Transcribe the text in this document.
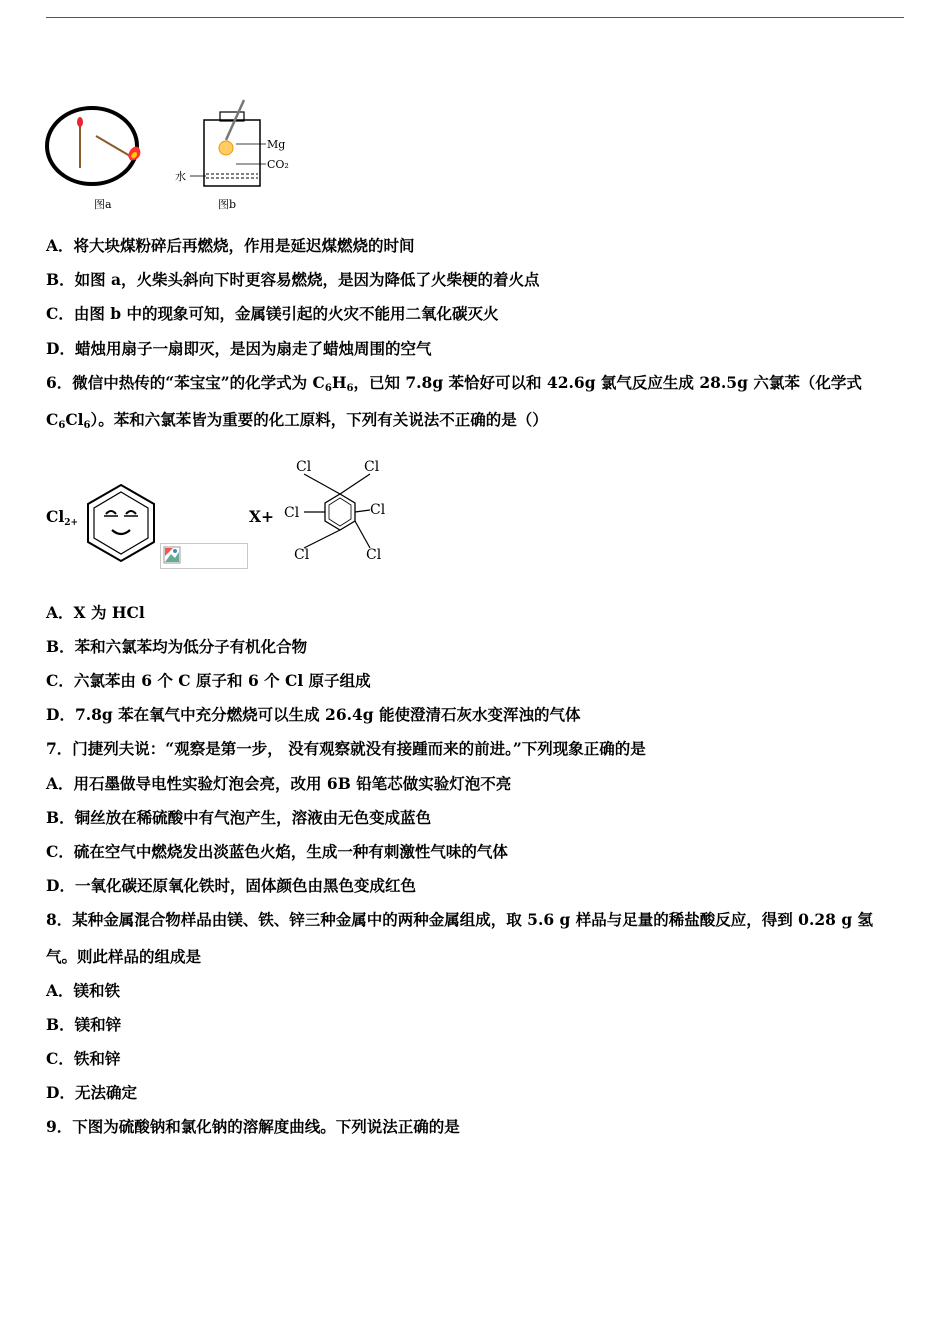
图a
Mg
CO₂
水
图b
A．将大块煤粉碎后再燃烧，作用是延迟煤燃烧的时间
B．如图 a，火柴头斜向下时更容易燃烧，是因为降低了火柴梗的着火点
C．由图 b 中的现象可知，金属镁引起的火灾不能用二氧化碳灭火
D．蜡烛用扇子一扇即灭，是因为扇走了蜡烛周围的空气
6．微信中热传的“苯宝宝”的化学式为 $C_6H_6$，已知 7.8g 苯恰好可以和 42.6g 氯气反应生成 28.5g 六氯苯（化学式
$C_6Cl_6$）。苯和六氯苯皆为重要的化工原料，下列有关说法不正确的是（）
$Cl_{2+}$	X+
Cl	Cl
Cl	Cl
Cl	Cl
A．X 为 HCl
B．苯和六氯苯均为低分子有机化合物
C．六氯苯由 6 个 C 原子和 6 个 Cl 原子组成
D．7.8g 苯在氧气中充分燃烧可以生成 26.4g 能使澄清石灰水变浑浊的气体
7．门捷列夫说：“观察是第一步， 没有观察就没有接踵而来的前进。”下列现象正确的是
A．用石墨做导电性实验灯泡会亮，改用 6B 铅笔芯做实验灯泡不亮
B．铜丝放在稀硫酸中有气泡产生，溶液由无色变成蓝色
C．硫在空气中燃烧发出淡蓝色火焰，生成一种有刺激性气味的气体
D．一氧化碳还原氧化铁时，固体颜色由黑色变成红色
8．某种金属混合物样品由镁、铁、锌三种金属中的两种金属组成，取 5.6 g 样品与足量的稀盐酸反应，得到 0.28 g 氢
气。则此样品的组成是
A．镁和铁
B．镁和锌
C．铁和锌
D．无法确定
9．下图为硫酸钠和氯化钠的溶解度曲线。下列说法正确的是
